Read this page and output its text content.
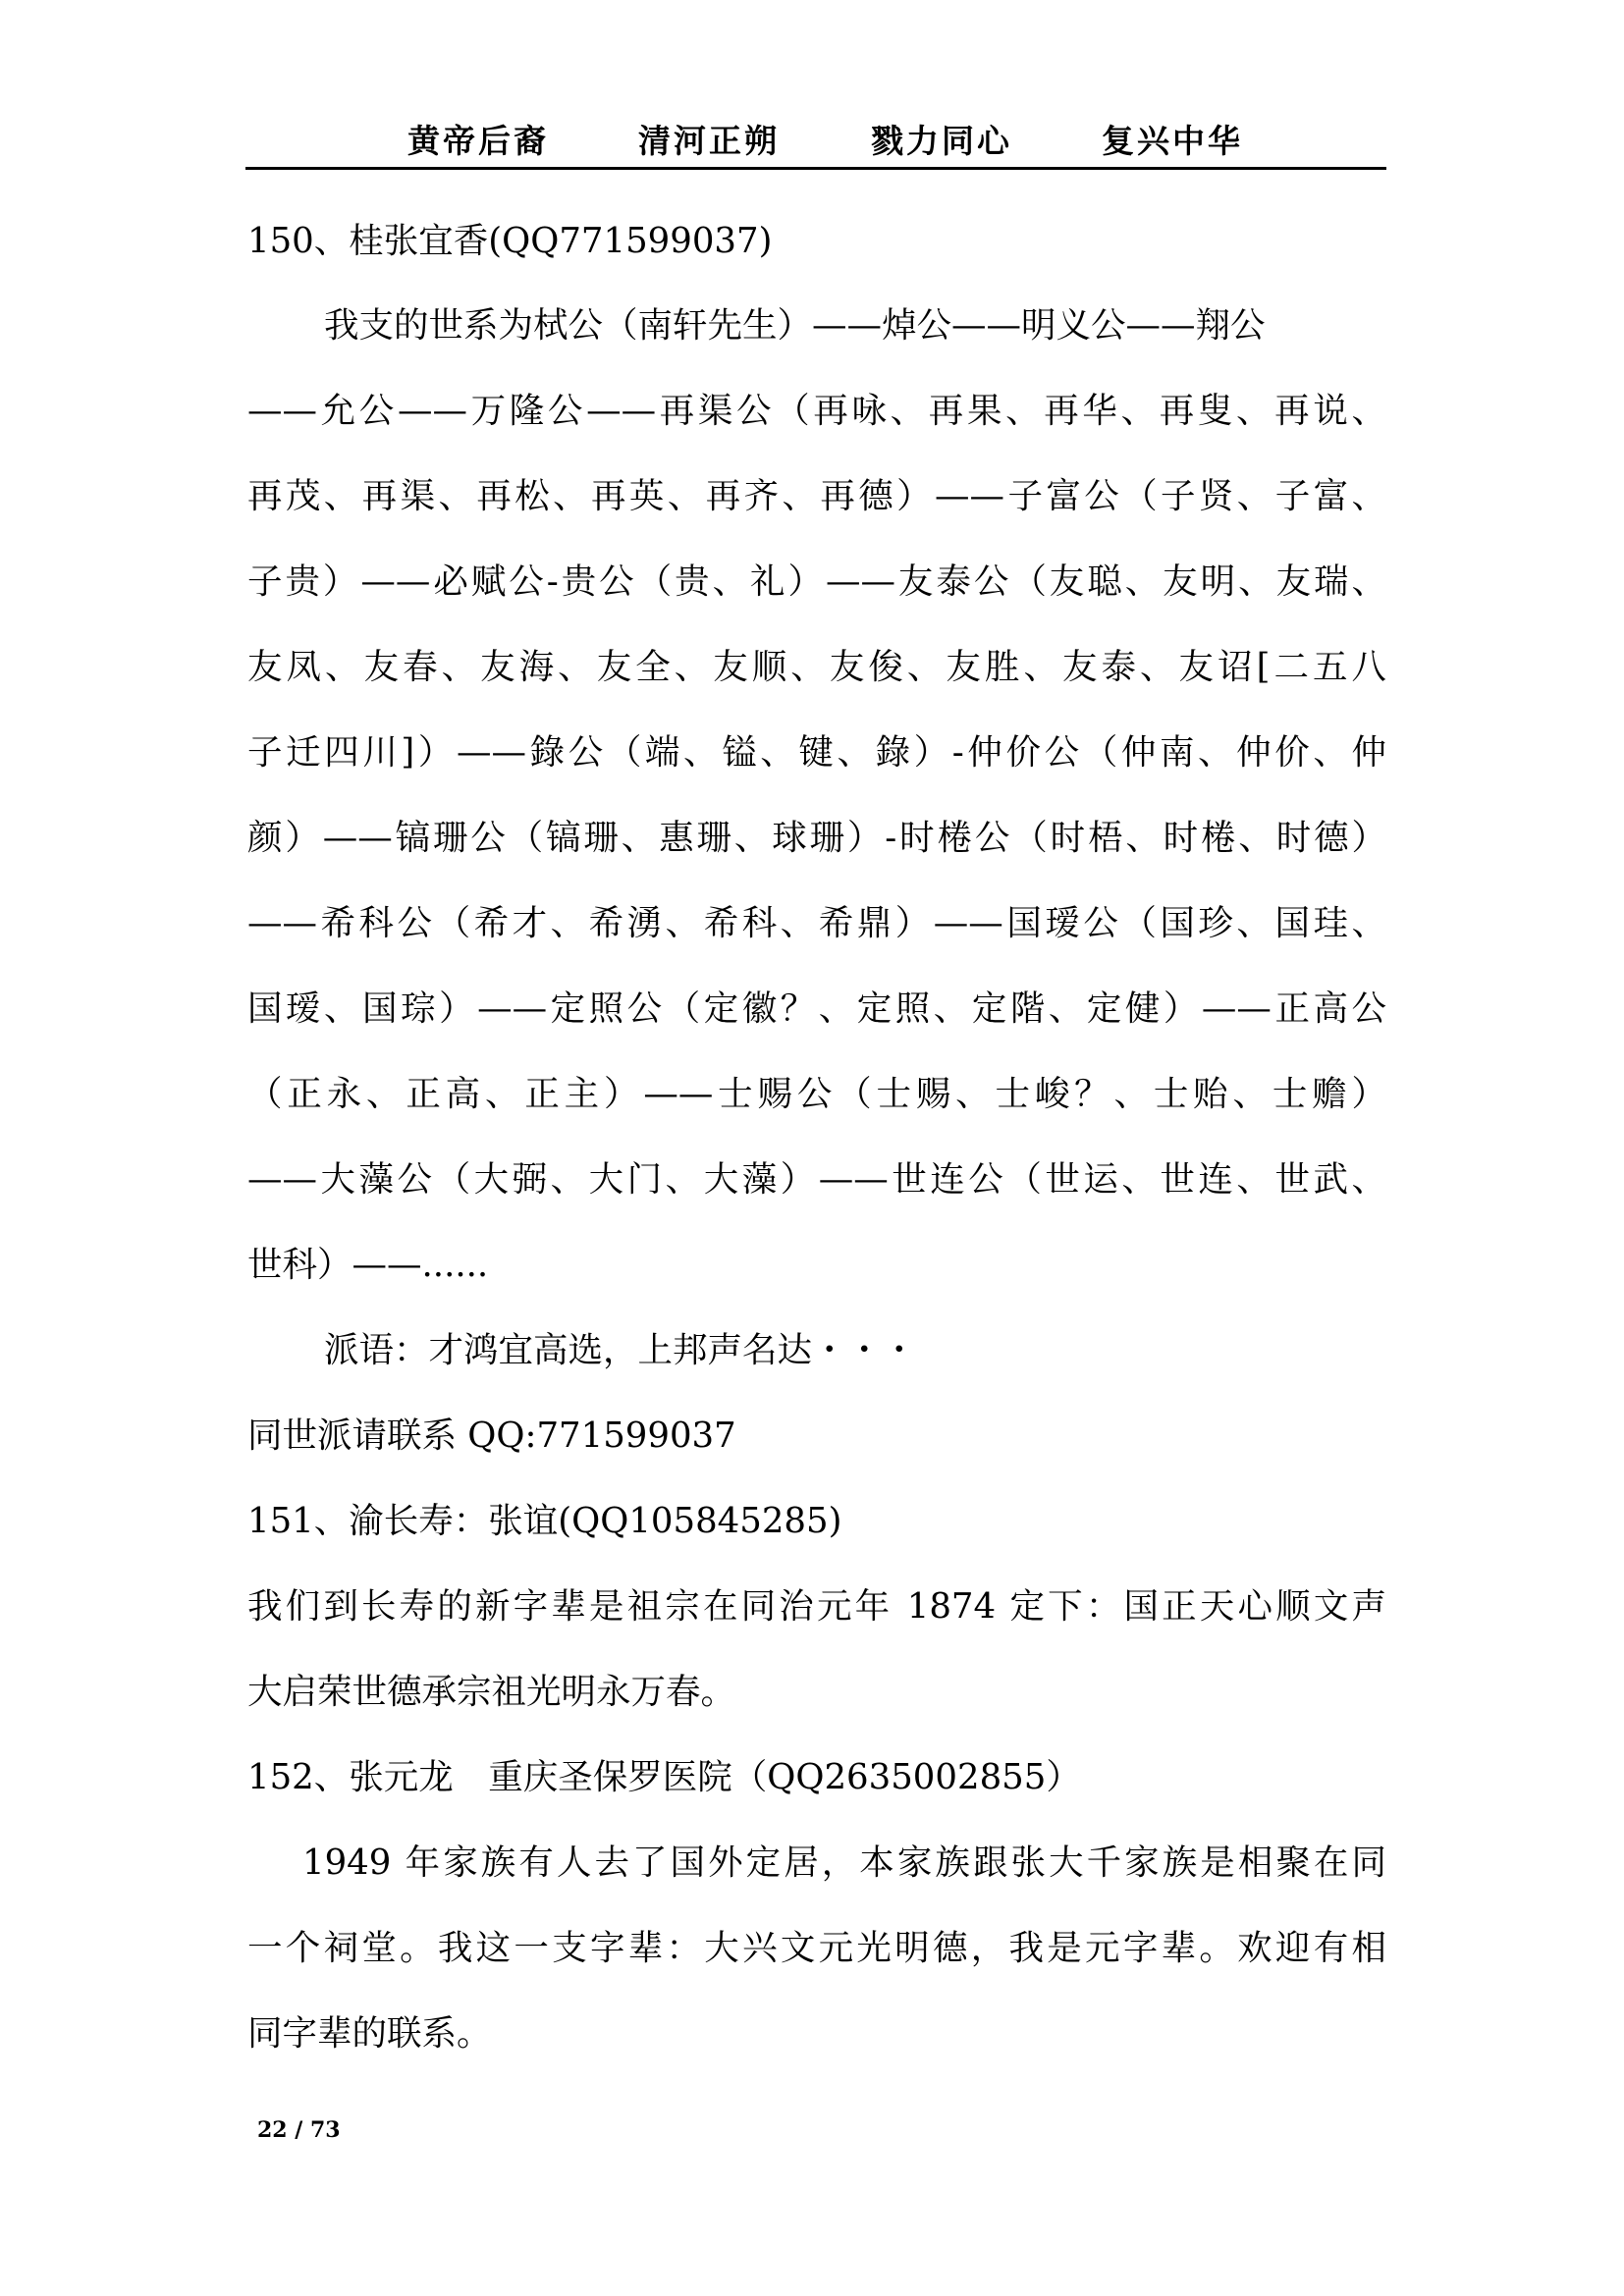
黄帝后裔	清河正朔	戮力同心	复兴中华
150、桂张宜香(QQ771599037)
我支的世系为栻公（南轩先生）——焯公——明义公——翔公
——允公——万隆公——再渠公（再咏、再果、再华、再叟、再说、
再茂、再渠、再松、再英、再齐、再德）——子富公（子贤、子富、
子贵）——必赋公-贵公（贵、礼）——友泰公（友聪、友明、友瑞、
友凤、友春、友海、友全、友顺、友俊、友胜、友泰、友诏[二五八
子迁四川]）——錄公（端、镒、键、錄）-仲价公（仲南、仲价、仲
颜）——镐珊公（镐珊、惠珊、球珊）-时棬公（时梧、时棬、时德）
——希科公（希才、希湧、希科、希鼎）——国瑷公（国珍、国珪、
国瑷、国琮）——定照公（定徽？、定照、定階、定健）——正高公
（正永、正高、正主）——士赐公（士赐、士峻？、士贻、士赡）
——大藻公（大弼、大门、大藻）——世连公（世运、世连、世武、
世科）——......
派语：才鸿宜高选，上邦声名达・・・
同世派请联系 QQ:771599037
151、渝长寿：张谊(QQ105845285)
我们到长寿的新字辈是祖宗在同治元年 1874 定下：国正天心顺文声
大启荣世德承宗祖光明永万春。
152、张元龙　重庆圣保罗医院（QQ2635002855）
1949 年家族有人去了国外定居，本家族跟张大千家族是相聚在同
一个祠堂。我这一支字辈：大兴文元光明德，我是元字辈。欢迎有相
同字辈的联系。
22 / 73
